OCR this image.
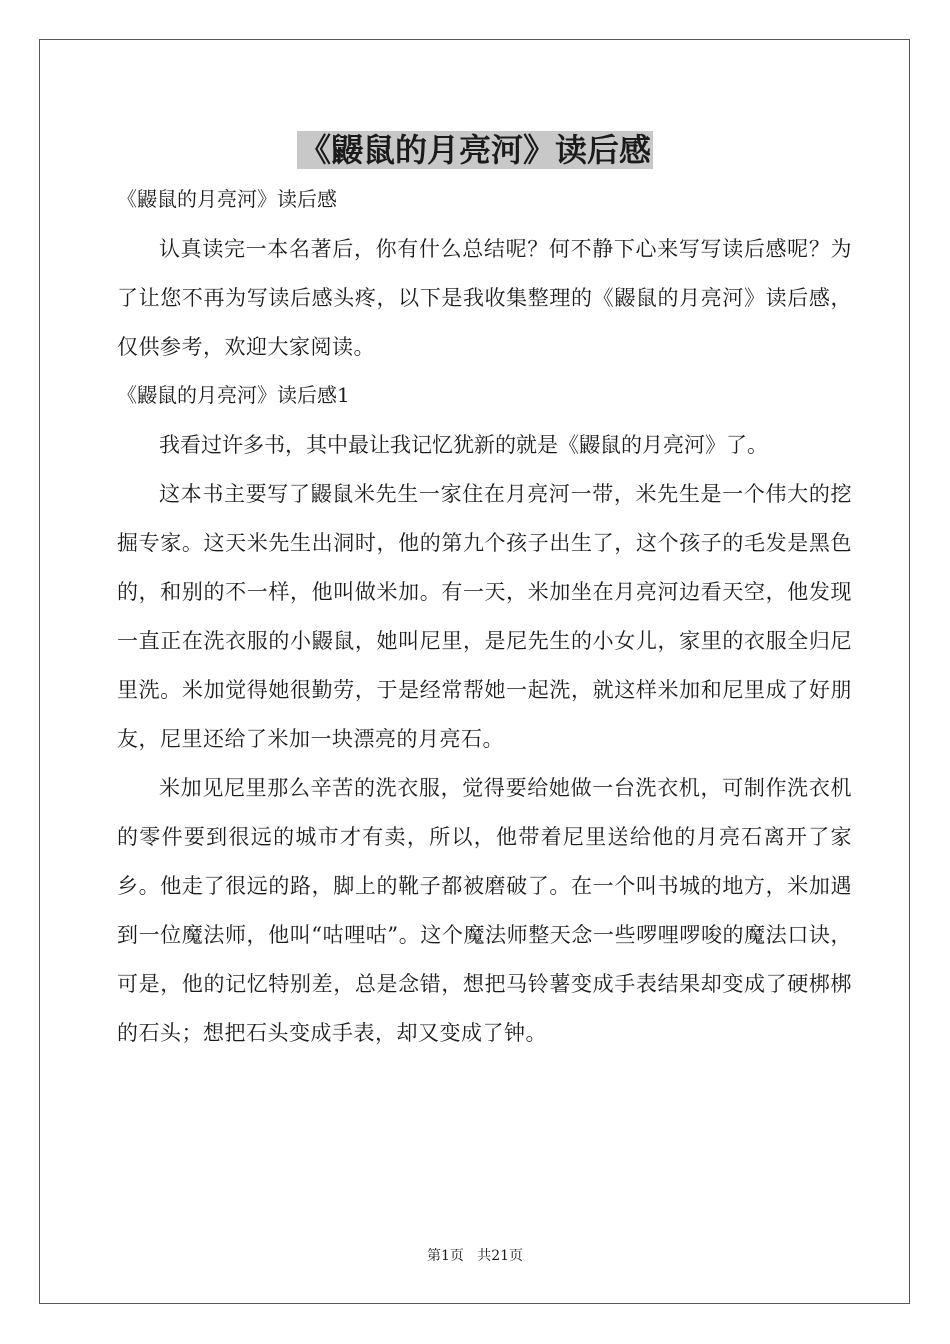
《鼹鼠的月亮河》读后感

《鼹鼠的月亮河》读后感

认真读完一本名著后，你有什么总结呢？何不静下心来写写读后感呢？为了让您不再为写读后感头疼，以下是我收集整理的《鼹鼠的月亮河》读后感，仅供参考，欢迎大家阅读。

《鼹鼠的月亮河》读后感1

我看过许多书，其中最让我记忆犹新的就是《鼹鼠的月亮河》了。

这本书主要写了鼹鼠米先生一家住在月亮河一带，米先生是一个伟大的挖掘专家。这天米先生出洞时，他的第九个孩子出生了，这个孩子的毛发是黑色的，和别的不一样，他叫做米加。有一天，米加坐在月亮河边看天空，他发现一直正在洗衣服的小鼹鼠，她叫尼里，是尼先生的小女儿，家里的衣服全归尼里洗。米加觉得她很勤劳，于是经常帮她一起洗，就这样米加和尼里成了好朋友，尼里还给了米加一块漂亮的月亮石。

米加见尼里那么辛苦的洗衣服，觉得要给她做一台洗衣机，可制作洗衣机的零件要到很远的城市才有卖，所以，他带着尼里送给他的月亮石离开了家乡。他走了很远的路，脚上的靴子都被磨破了。在一个叫书城的地方，米加遇到一位魔法师，他叫“咕哩咕”。这个魔法师整天念一些啰哩啰唆的魔法口诀，可是，他的记忆特别差，总是念错，想把马铃薯变成手表结果却变成了硬梆梆的石头；想把石头变成手表，却又变成了钟。

第1页   共21页
